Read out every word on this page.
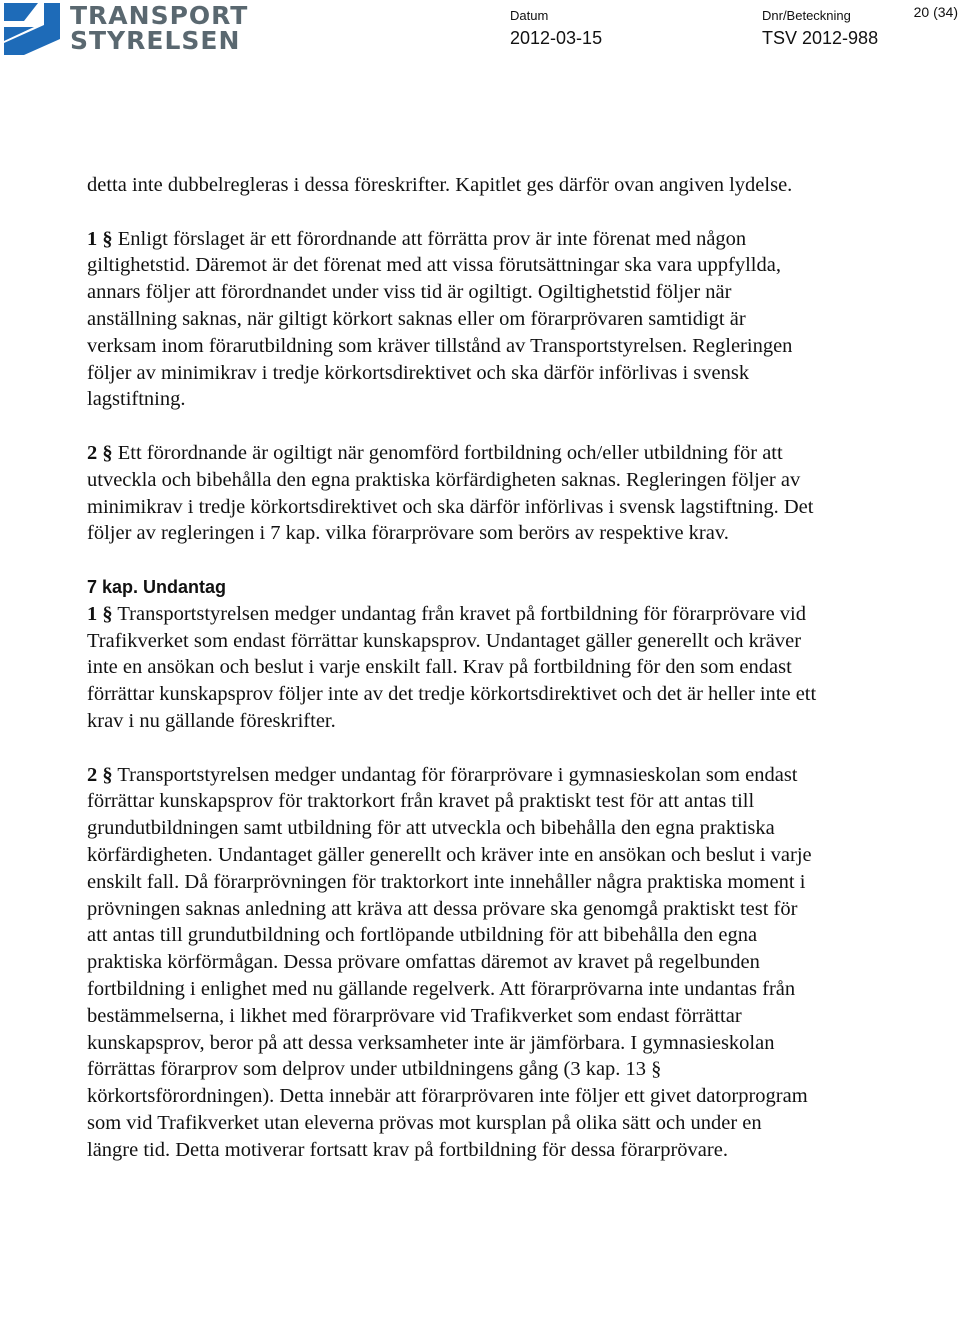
TRANSPORT
STYRELSEN
Datum
2012-03-15
Dnr/Beteckning
TSV 2012-988
20 (34)

detta inte dubbelregleras i dessa föreskrifter. Kapitlet ges därför ovan angiven lydelse.

1 § Enligt förslaget är ett förordnande att förrätta prov är inte förenat med någon giltighetstid. Däremot är det förenat med att vissa förutsättningar ska vara uppfyllda, annars följer att förordnandet under viss tid är ogiltigt. Ogiltighetstid följer när anställning saknas, när giltigt körkort saknas eller om förarprövaren samtidigt är verksam inom förarutbildning som kräver tillstånd av Transportstyrelsen. Regleringen följer av minimikrav i tredje körkortsdirektivet och ska därför införlivas i svensk lagstiftning.

2 § Ett förordnande är ogiltigt när genomförd fortbildning och/eller utbildning för att utveckla och bibehålla den egna praktiska körfärdigheten saknas. Regleringen följer av minimikrav i tredje körkortsdirektivet och ska därför införlivas i svensk lagstiftning. Det följer av regleringen i 7 kap. vilka förarprövare som berörs av respektive krav.

7 kap. Undantag

1 § Transportstyrelsen medger undantag från kravet på fortbildning för förarprövare vid Trafikverket som endast förrättar kunskapsprov. Undantaget gäller generellt och kräver inte en ansökan och beslut i varje enskilt fall. Krav på fortbildning för den som endast förrättar kunskapsprov följer inte av det tredje körkortsdirektivet och det är heller inte ett krav i nu gällande föreskrifter.

2 § Transportstyrelsen medger undantag för förarprövare i gymnasieskolan som endast förrättar kunskapsprov för traktorkort från kravet på praktiskt test för att antas till grundutbildningen samt utbildning för att utveckla och bibehålla den egna praktiska körfärdigheten. Undantaget gäller generellt och kräver inte en ansökan och beslut i varje enskilt fall. Då förarprövningen för traktorkort inte innehåller några praktiska moment i prövningen saknas anledning att kräva att dessa prövare ska genomgå praktiskt test för att antas till grundutbildning och fortlöpande utbildning för att bibehålla den egna praktiska körförmågan. Dessa prövare omfattas däremot av kravet på regelbunden fortbildning i enlighet med nu gällande regelverk. Att förarprövarna inte undantas från bestämmelserna, i likhet med förarprövare vid Trafikverket som endast förrättar kunskapsprov, beror på att dessa verksamheter inte är jämförbara. I gymnasieskolan förrättas förarprov som delprov under utbildningens gång (3 kap. 13 § körkortsförordningen). Detta innebär att förarprövaren inte följer ett givet datorprogram som vid Trafikverket utan eleverna prövas mot kursplan på olika sätt och under en längre tid. Detta motiverar fortsatt krav på fortbildning för dessa förarprövare.
